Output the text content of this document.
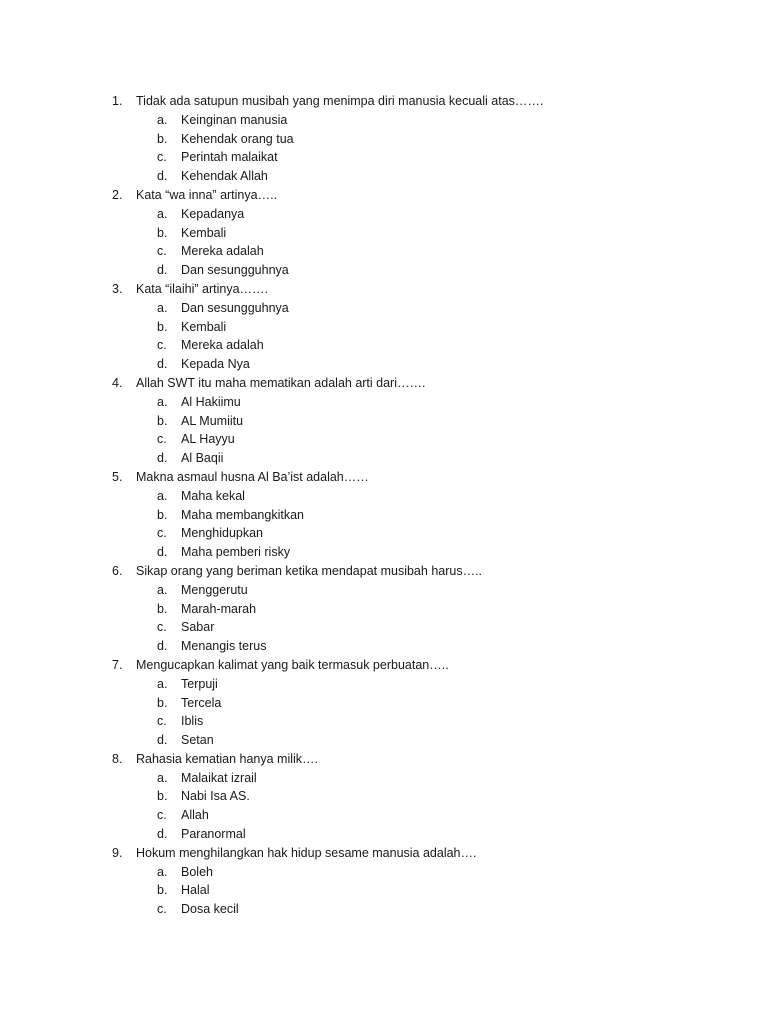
1.	Tidak ada satupun musibah yang menimpa diri manusia kecuali atas…….
a.	Keinginan manusia
b.	Kehendak orang tua
c.	Perintah malaikat
d.	Kehendak Allah
2.	Kata “wa inna” artinya…..
a.	Kepadanya
b.	Kembali
c.	Mereka adalah
d.	Dan sesungguhnya
3.	Kata “ilaihi” artinya…….
a.	Dan sesungguhnya
b.	Kembali
c.	Mereka adalah
d.	Kepada Nya
4.	Allah SWT itu maha mematikan adalah arti dari…….
a.	Al Hakiimu
b.	AL Mumiitu
c.	AL Hayyu
d.	Al Baqii
5.	Makna asmaul husna Al Ba’ist adalah……
a.	Maha kekal
b.	Maha membangkitkan
c.	Menghidupkan
d.	Maha pemberi risky
6.	Sikap orang yang beriman ketika mendapat musibah harus…..
a.	Menggerutu
b.	Marah-marah
c.	Sabar
d.	Menangis terus
7.	Mengucapkan kalimat yang baik termasuk perbuatan…..
a.	Terpuji
b.	Tercela
c.	Iblis
d.	Setan
8.	Rahasia kematian hanya milik….
a.	Malaikat izrail
b.	Nabi Isa AS.
c.	Allah
d.	Paranormal
9.	Hokum menghilangkan hak hidup sesame manusia adalah….
a.	Boleh
b.	Halal
c.	Dosa kecil
